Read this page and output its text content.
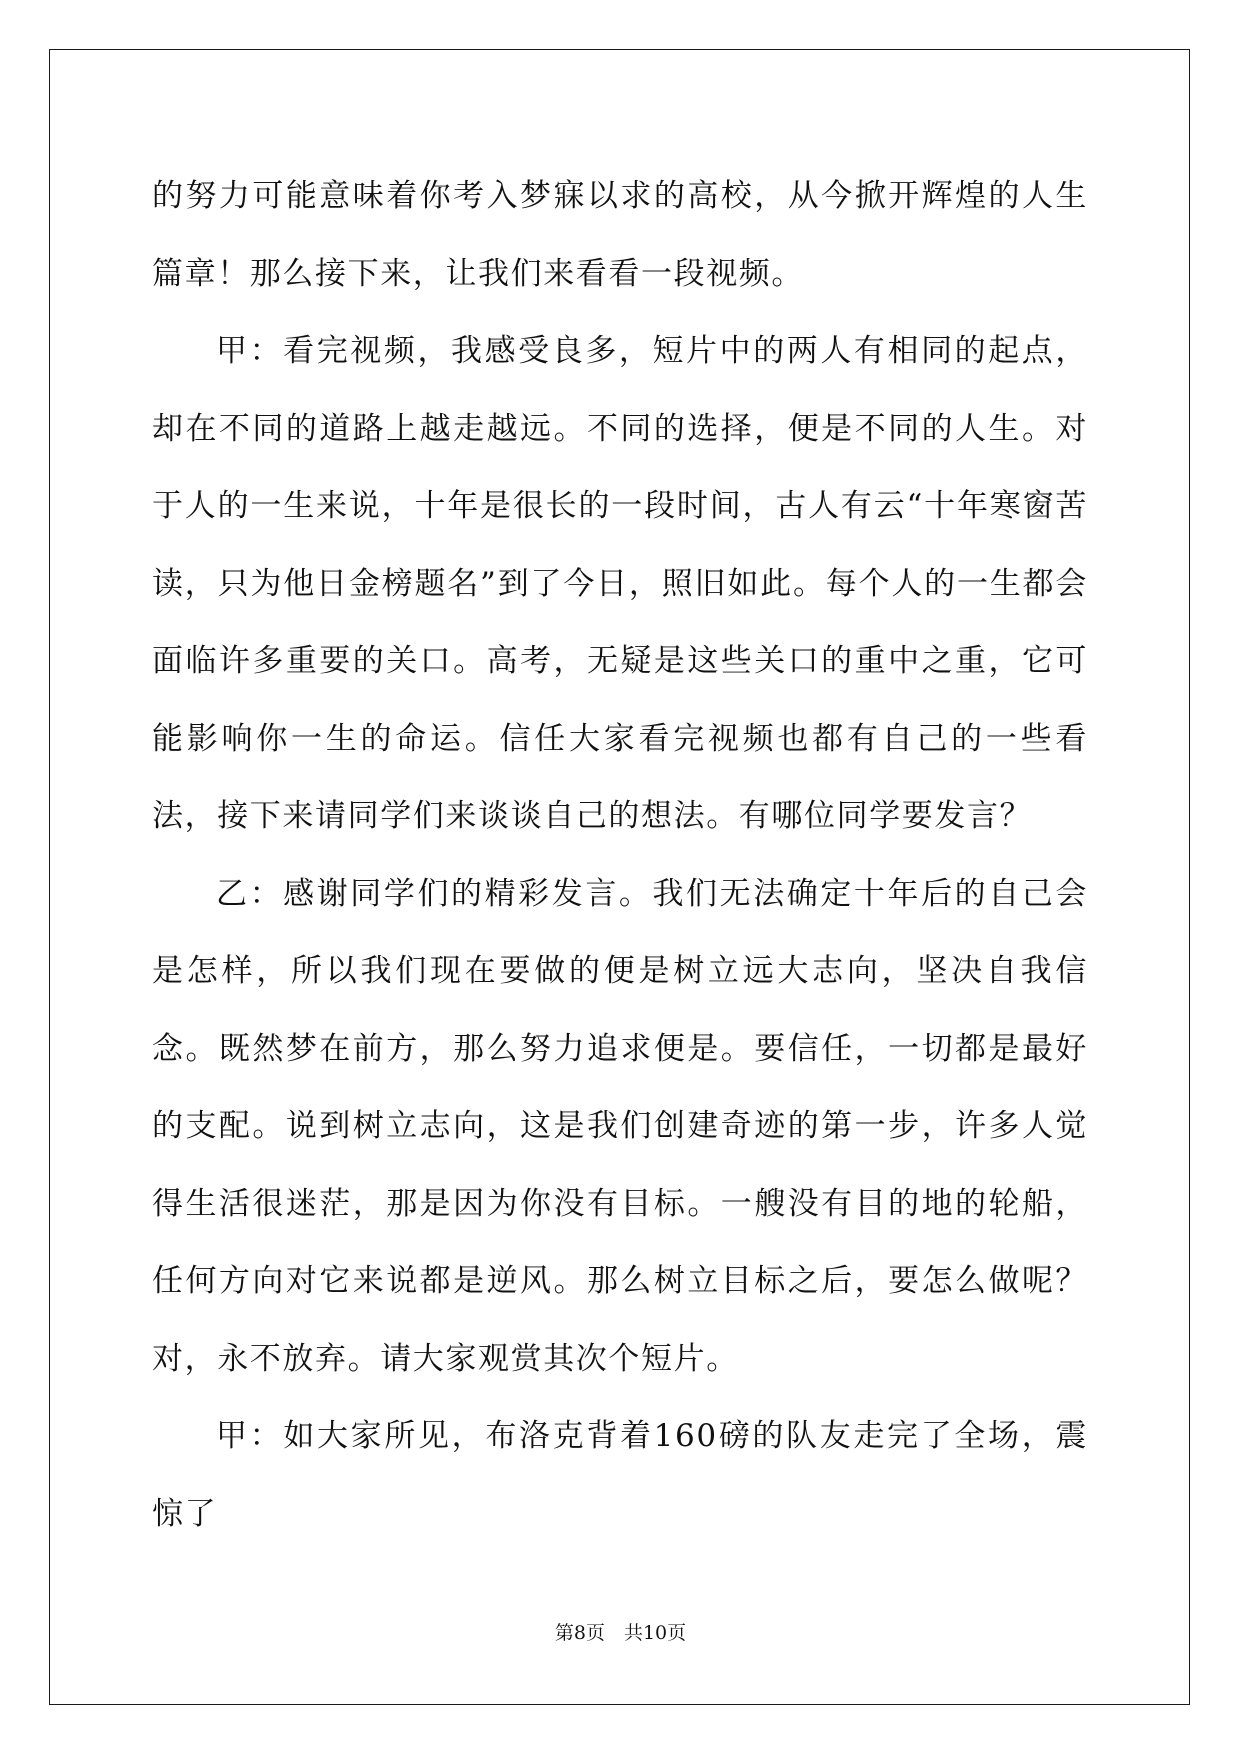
的努力可能意味着你考入梦寐以求的高校，从今掀开辉煌的人生篇章！那么接下来，让我们来看看一段视频。

甲：看完视频，我感受良多，短片中的两人有相同的起点，却在不同的道路上越走越远。不同的选择，便是不同的人生。对于人的一生来说，十年是很长的一段时间，古人有云“十年寒窗苦读，只为他日金榜题名”到了今日，照旧如此。每个人的一生都会面临许多重要的关口。高考，无疑是这些关口的重中之重，它可能影响你一生的命运。信任大家看完视频也都有自己的一些看法，接下来请同学们来谈谈自己的想法。有哪位同学要发言？

乙：感谢同学们的精彩发言。我们无法确定十年后的自己会是怎样，所以我们现在要做的便是树立远大志向，坚决自我信念。既然梦在前方，那么努力追求便是。要信任，一切都是最好的支配。说到树立志向，这是我们创建奇迹的第一步，许多人觉得生活很迷茫，那是因为你没有目标。一艘没有目的地的轮船，任何方向对它来说都是逆风。那么树立目标之后，要怎么做呢？对，永不放弃。请大家观赏其次个短片。

甲：如大家所见，布洛克背着160磅的队友走完了全场，震惊了

第8页　共10页
